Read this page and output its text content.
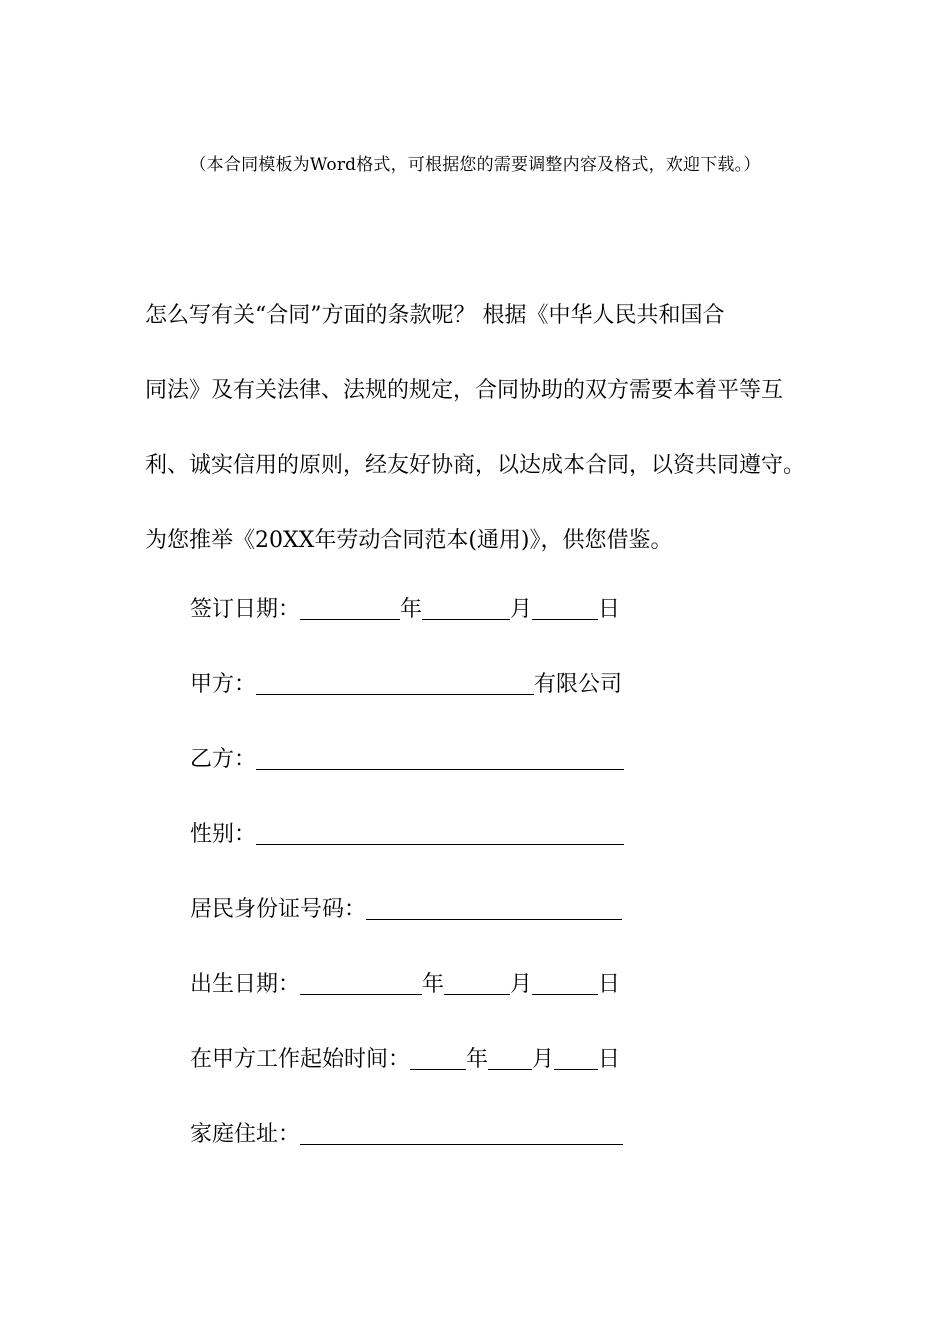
（本合同模板为Word格式，可根据您的需要调整内容及格式，欢迎下载。）
怎么写有关“合同”方面的条款呢？ 根据《中华人民共和国合
同法》及有关法律、法规的规定，合同协助的双方需要本着平等互
利、诚实信用的原则，经友好协商，以达成本合同，以资共同遵守。
为您推举《20XX年劳动合同范本(通用)》，供您借鉴。
签订日期：	年	月	日
甲方：	有限公司
乙方：
性别：
居民身份证号码：
出生日期：	年	月	日
在甲方工作起始时间：	年 月 日
家庭住址：
